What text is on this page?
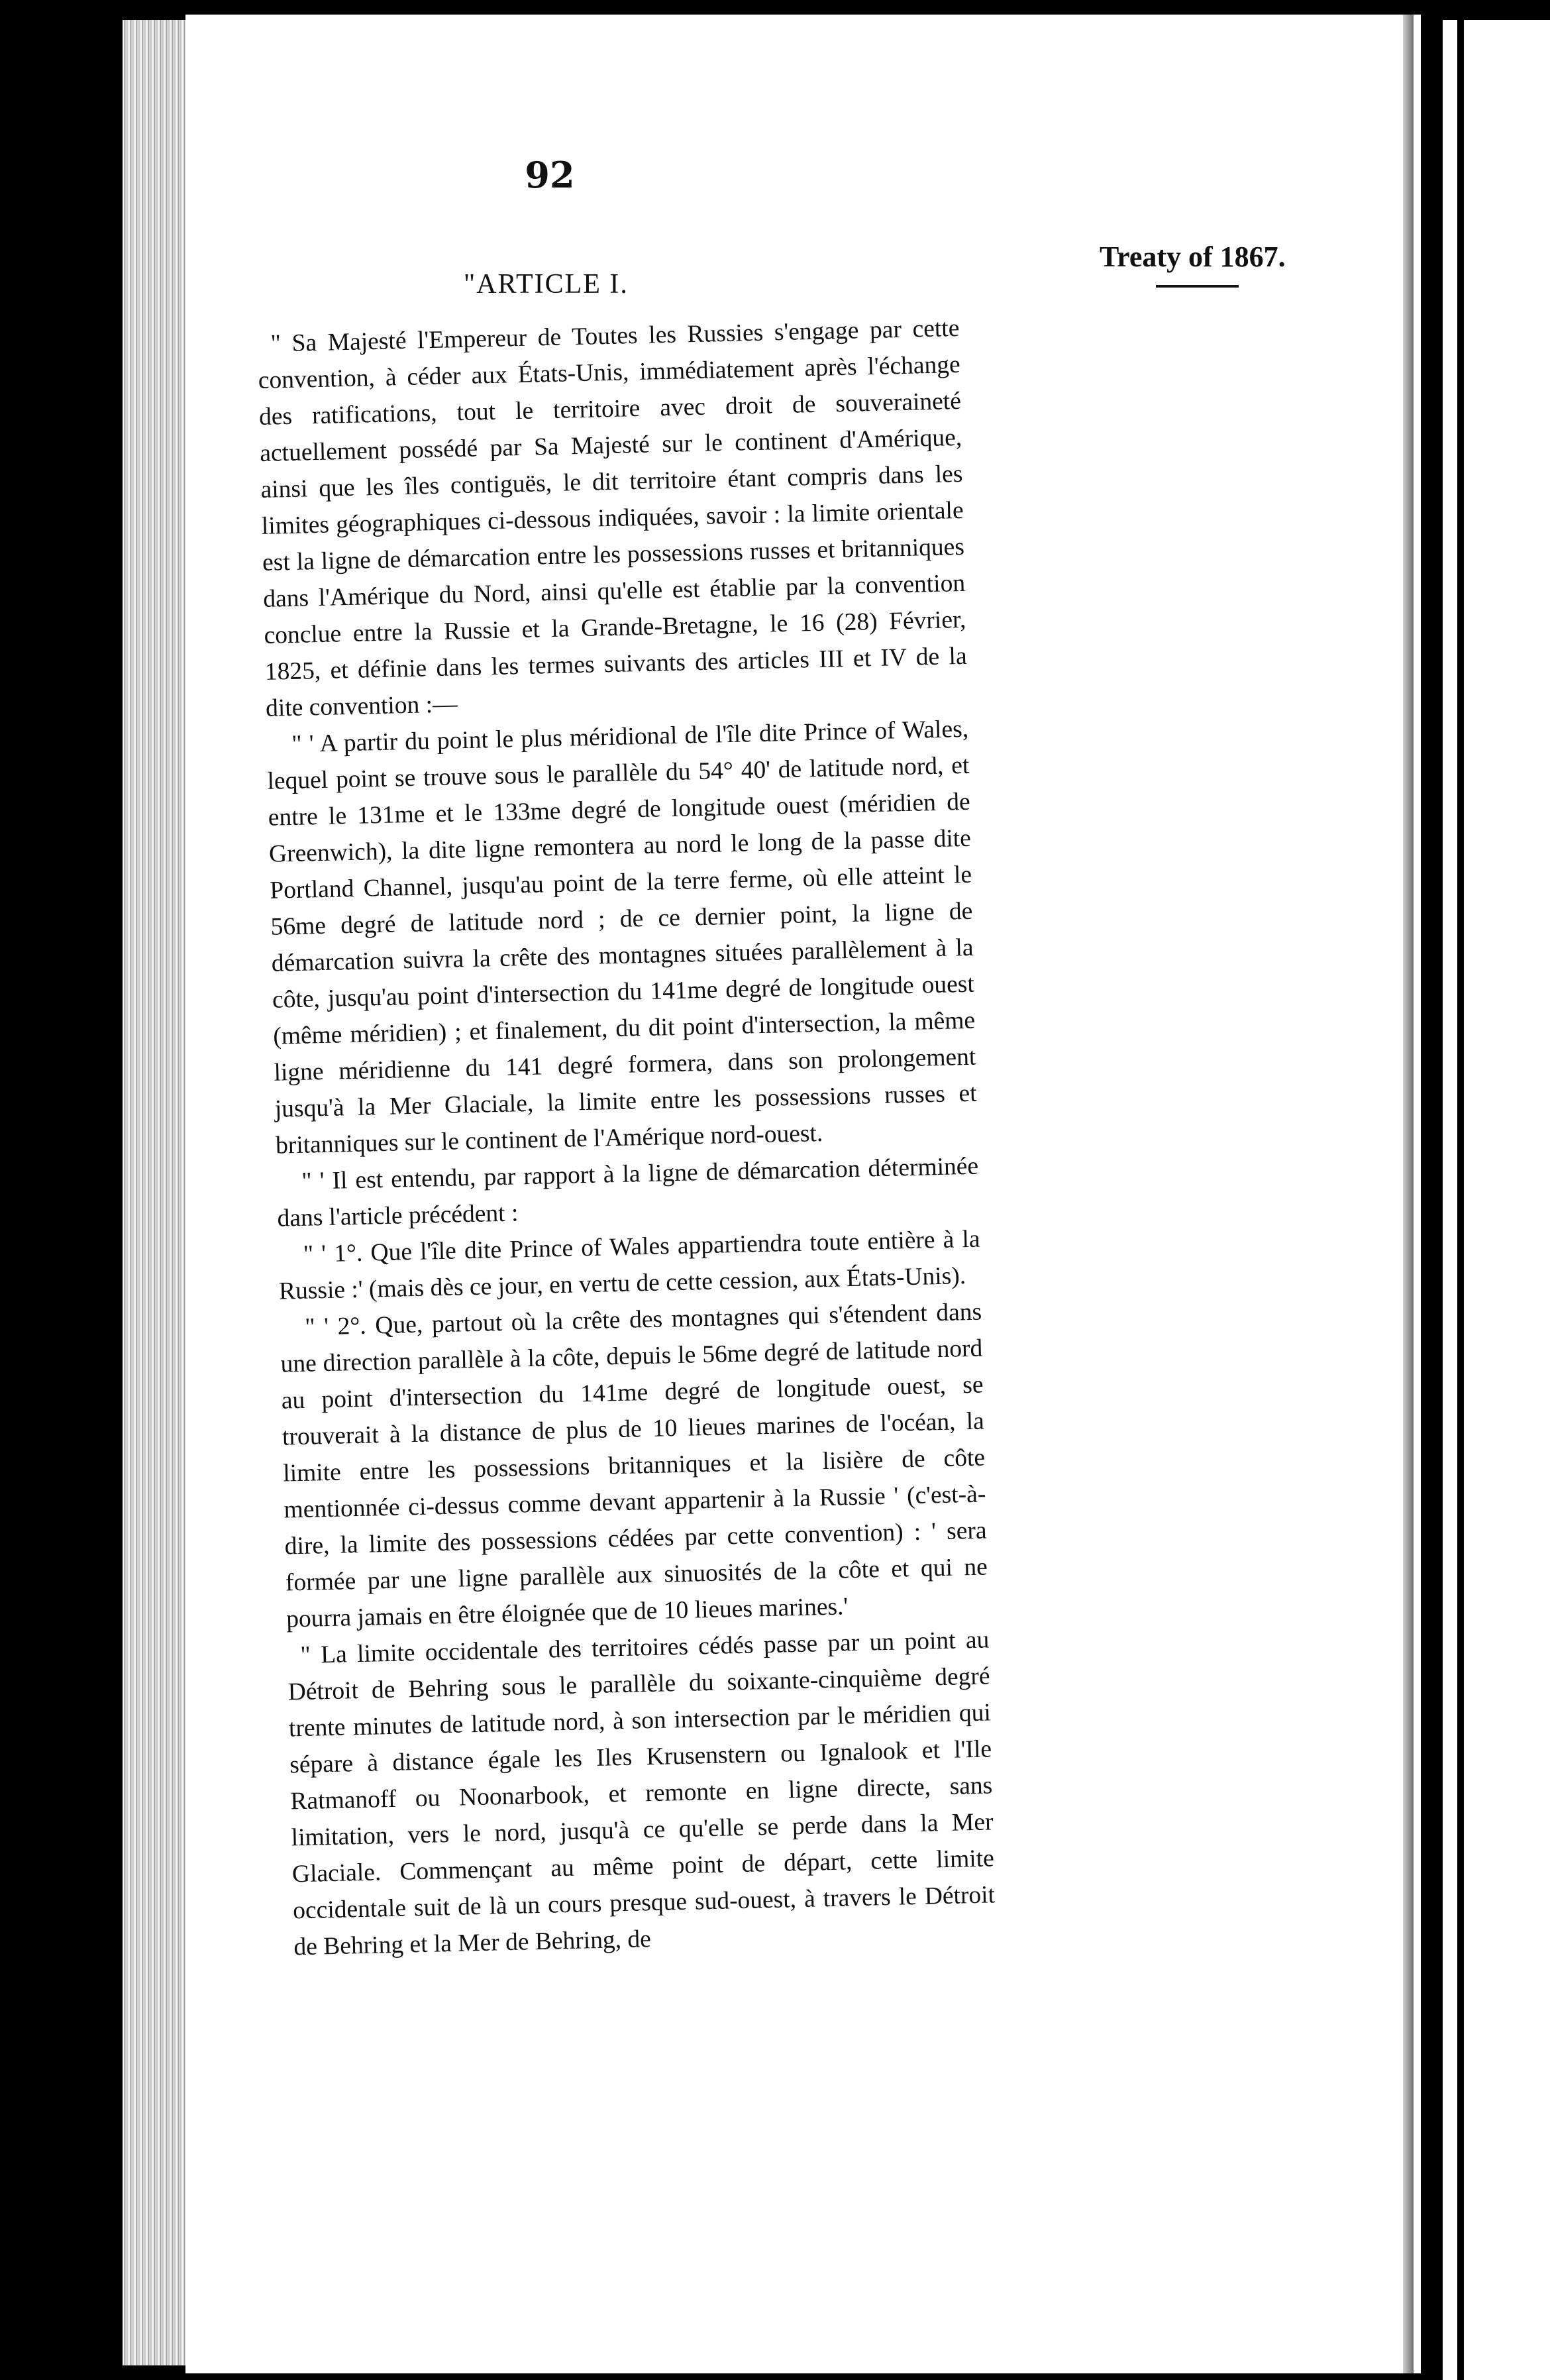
92
Treaty of 1867.
"ARTICLE I.

" Sa Majesté l'Empereur de Toutes les Russies s'engage par cette convention, à céder aux États-Unis, immédiatement après l'échange des ratifications, tout le territoire avec droit de souveraineté actuellement possédé par Sa Majesté sur le continent d'Amérique, ainsi que les îles contiguës, le dit territoire étant compris dans les limites géographiques ci-dessous indiquées, savoir : la limite orientale est la ligne de démarcation entre les possessions russes et britanniques dans l'Amérique du Nord, ainsi qu'elle est établie par la convention conclue entre la Russie et la Grande-Bretagne, le 16 (28) Février, 1825, et définie dans les termes suivants des articles III et IV de la dite convention :—

" ' A partir du point le plus méridional de l'île dite Prince of Wales, lequel point se trouve sous le parallèle du 54° 40' de latitude nord, et entre le 131me et le 133me degré de longitude ouest (méridien de Greenwich), la dite ligne remontera au nord le long de la passe dite Portland Channel, jusqu'au point de la terre ferme, où elle atteint le 56me degré de latitude nord ; de ce dernier point, la ligne de démarcation suivra la crête des montagnes situées parallèlement à la côte, jusqu'au point d'intersection du 141me degré de longitude ouest (même méridien) ; et finalement, du dit point d'intersection, la même ligne méridienne du 141 degré formera, dans son prolongement jusqu'à la Mer Glaciale, la limite entre les possessions russes et britanniques sur le continent de l'Amérique nord-ouest.

" ' Il est entendu, par rapport à la ligne de démarcation déterminée dans l'article précédent :

" ' 1°. Que l'île dite Prince of Wales appartiendra toute entière à la Russie :' (mais dès ce jour, en vertu de cette cession, aux États-Unis).

" ' 2°. Que, partout où la crête des montagnes qui s'étendent dans une direction parallèle à la côte, depuis le 56me degré de latitude nord au point d'intersection du 141me degré de longitude ouest, se trouverait à la distance de plus de 10 lieues marines de l'océan, la limite entre les possessions britanniques et la lisière de côte mentionnée ci-dessus comme devant appartenir à la Russie ' (c'est-à-dire, la limite des possessions cédées par cette convention) : ' sera formée par une ligne parallèle aux sinuosités de la côte et qui ne pourra jamais en être éloignée que de 10 lieues marines.'

" La limite occidentale des territoires cédés passe par un point au Détroit de Behring sous le parallèle du soixante-cinquième degré trente minutes de latitude nord, à son intersection par le méridien qui sépare à distance égale les Iles Krusenstern ou Ignalook et l'Ile Ratmanoff ou Noonarbook, et remonte en ligne directe, sans limitation, vers le nord, jusqu'à ce qu'elle se perde dans la Mer Glaciale. Commençant au même point de départ, cette limite occidentale suit de là un cours presque sud-ouest, à travers le Détroit de Behring et la Mer de Behring, de
